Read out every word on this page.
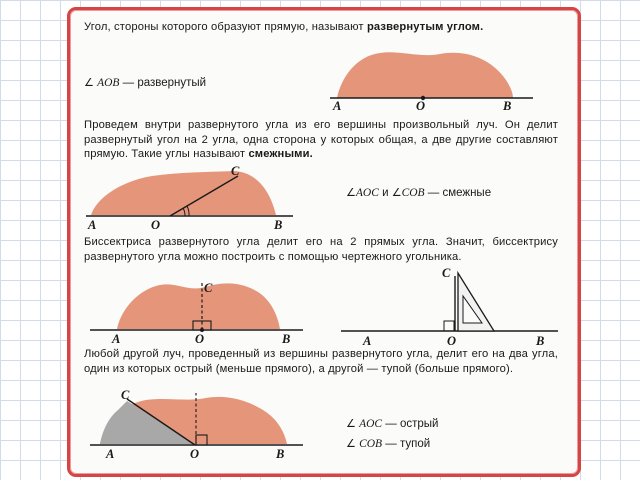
Угол, стороны которого образуют прямую, называют развернутым углом.
∠ AOB — развернутый
A	O	B
Проведем внутри развернутого угла из его вершины произвольный луч. Он делит развернутый угол на 2 угла, одна сторона у которых общая, а две другие составляют прямую. Такие углы называют смежными.
A	O	B
C
∠AOC и ∠COB — смежные
Биссектриса развернутого угла делит его на 2 прямых угла. Значит, биссектрису развернутого угла можно построить с помощью чертежного угольника.
A	O	B
C
A	O	B
C
Любой другой луч, проведенный из вершины развернутого угла, делит его на два угла, один из которых острый (меньше прямого), а другой — тупой (больше прямого).
A	O	B
C
∠ AOC — острый
∠ COB — тупой
